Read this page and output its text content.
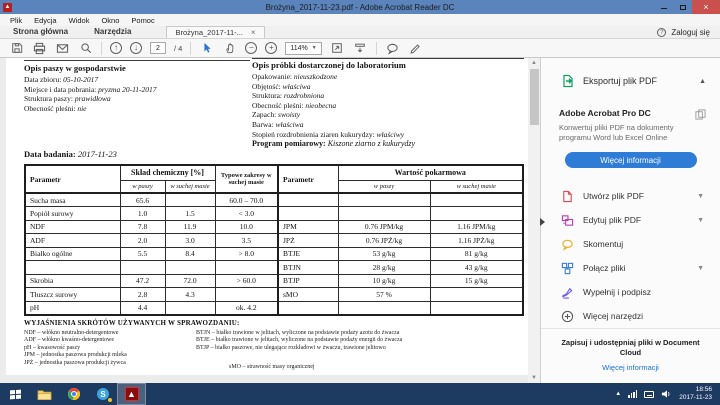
▲	Brożyna_2017-11-23.pdf - Adobe Acrobat Reader DC	×
Plik	Edycja	Widok	Okno	Pomoc
Strona główna	Narzędzia	Brożyna_2017-11-... ×	? Zaloguj się
↑	↓	2	/ 4	−	+	114% ▼
Opis paszy w gospodarstwie
Data zbioru: 05-10-2017
Miejsce i data pobrania: pryzma 20-11-2017
Struktura paszy: prawidłowa
Obecność pleśni: nie
Data badania: 2017-11-23
Opis próbki dostarczonej do laboratorium
Opakowanie: nieuszkodzone
Objętość: właściwa
Struktura: rozdrobniona
Obecność pleśni: nieobecna
Zapach: swoisty
Barwa: właściwa
Stopień rozdrobnienia ziaren kukurydzy: właściwy
Program pomiarowy: Kiszone ziarno z kukurydzy
Parametr	Skład chemiczny [%]		Typowe zakresy w suchej masie
	w paszy	w suchej masie	
Sucha masa	65.6		60.0 – 70.0
Popiół surowy	1.0	1.5	< 3.0
NDF	7.8	11.9	10.0
ADF	2.0	3.0	3.5
Białko ogólne	5.5	8.4	> 8.0

Skrobia	47.2	72.0	> 60.0
Tłuszcz surowy	2.8	4.3	
pH	4.4		ok. 4.2
Parametr	Wartość pokarmowa	
	w paszy	w suchej masie

JPM	0.76 JPM/kg	1.16 JPM/kg
JPŻ	0.76 JPŻ/kg	1.16 JPŻ/kg
BTJE	53 g/kg	81 g/kg
BTJN	28 g/kg	43 g/kg
BTJP	10 g/kg	15 g/kg
sMO	57 %	

WYJAŚNIENIA SKRÓTÓW UŻYWANYCH W SPRAWOZDANIU:
NDF – włókno neutralno-detergentowe
ADF – włókno kwaśno-detergentowe
pH – kwasowość paszy
JPM – jednostka paszowa produkcji mleka
JPŻ – jednostka paszowa produkcji żywca
BTJN – białko trawione w jelitach, wyliczone na podstawie podaży azotu do żwacza
BTJE – białko trawione w jelitach, wyliczone na podstawie podaży energii do żwacza
BTJP – białko paszowe, nie ulegające rozkładowi w żwaczu, trawione jelitowo
sMO – strawność masy organicznej
▲
▼
Eksportuj plik PDF	▲
Adobe Acrobat Pro DC
Konwertuj pliki PDF na dokumenty programu Word lub Excel Online
Więcej informacji
Utwórz plik PDF	▼
Edytuj plik PDF	▼
Skomentuj
Połącz pliki	▼
Wypełnij i podpisz
Więcej narzędzi
Zapisuj i udostępniaj pliki w Document Cloud
Więcej informacji
S ▲	▲
18:56
2017-11-23
